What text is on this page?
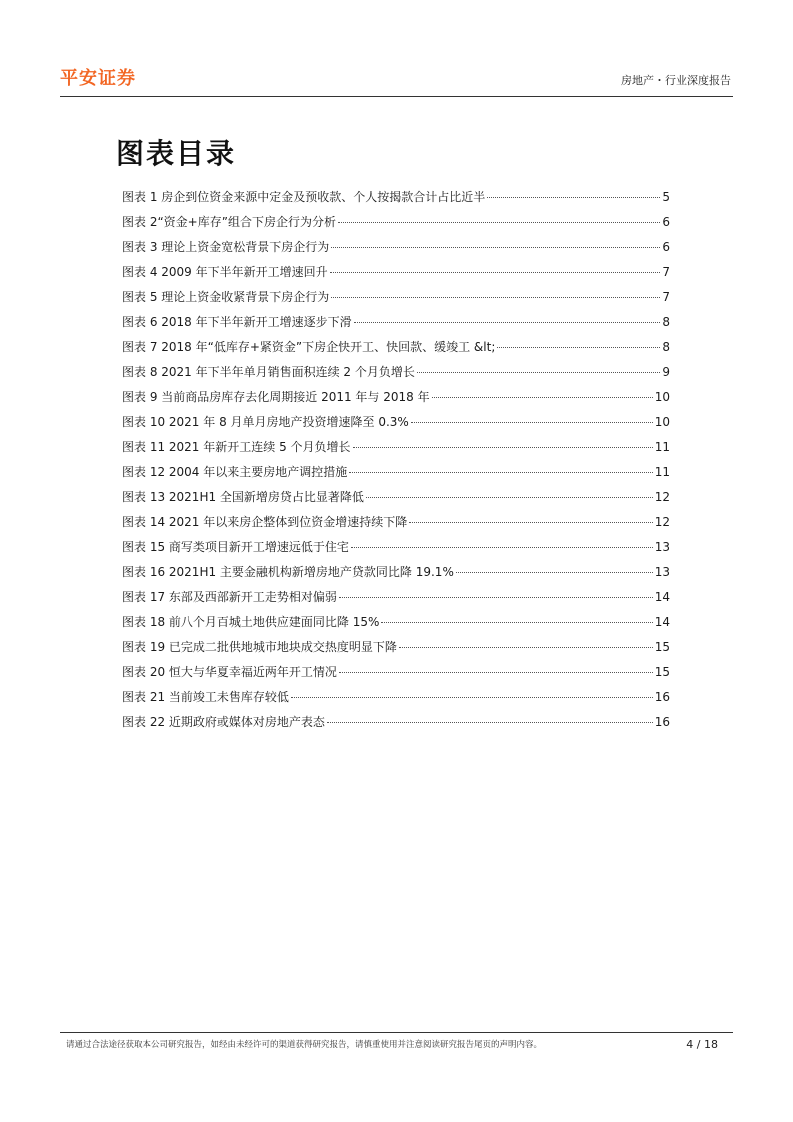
平安证券	房地产・行业深度报告
图表目录
图表 1 房企到位资金来源中定金及预收款、个人按揭款合计占比近半	5
图表 2“资金+库存”组合下房企行为分析	6
图表 3 理论上资金宽松背景下房企行为	6
图表 4 2009 年下半年新开工增速回升	7
图表 5 理论上资金收紧背景下房企行为	7
图表 6 2018 年下半年新开工增速逐步下滑	8
图表 7 2018 年“低库存+紧资金”下房企快开工、快回款、缓竣工 &lt;	8
图表 8 2021 年下半年单月销售面积连续 2 个月负增长	9
图表 9 当前商品房库存去化周期接近 2011 年与 2018 年	10
图表 10 2021 年 8 月单月房地产投资增速降至 0.3%	10
图表 11 2021 年新开工连续 5 个月负增长	11
图表 12 2004 年以来主要房地产调控措施	11
图表 13 2021H1 全国新增房贷占比显著降低	12
图表 14 2021 年以来房企整体到位资金增速持续下降	12
图表 15 商写类项目新开工增速远低于住宅	13
图表 16 2021H1 主要金融机构新增房地产贷款同比降 19.1%	13
图表 17 东部及西部新开工走势相对偏弱	14
图表 18 前八个月百城土地供应建面同比降 15%	14
图表 19 已完成二批供地城市地块成交热度明显下降	15
图表 20 恒大与华夏幸福近两年开工情况	15
图表 21 当前竣工未售库存较低	16
图表 22 近期政府或媒体对房地产表态	16
请通过合法途径获取本公司研究报告，如经由未经许可的渠道获得研究报告，请慎重使用并注意阅读研究报告尾页的声明内容。	4 / 18
